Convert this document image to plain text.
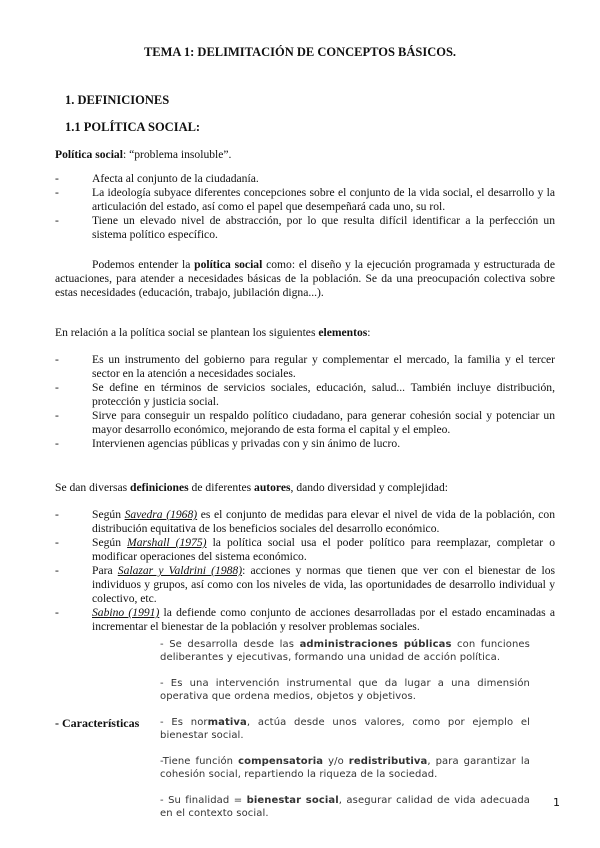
TEMA 1: DELIMITACIÓN DE CONCEPTOS BÁSICOS.
1. DEFINICIONES
1.1 POLÍTICA SOCIAL:
Política social: “problema insoluble”.
- Afecta al conjunto de la ciudadanía.
- La ideología subyace diferentes concepciones sobre el conjunto de la vida social, el desarrollo y la articulación del estado, así como el papel que desempeñará cada uno, su rol.
- Tiene un elevado nivel de abstracción, por lo que resulta difícil identificar a la perfección un sistema político específico.
Podemos entender la política social como: el diseño y la ejecución programada y estructurada de actuaciones, para atender a necesidades básicas de la población. Se da una preocupación colectiva sobre estas necesidades (educación, trabajo, jubilación digna...).
En relación a la política social se plantean los siguientes elementos:
- Es un instrumento del gobierno para regular y complementar el mercado, la familia y el tercer sector en la atención a necesidades sociales.
- Se define en términos de servicios sociales, educación, salud... También incluye distribución, protección y justicia social.
- Sirve para conseguir un respaldo político ciudadano, para generar cohesión social y potenciar un mayor desarrollo económico, mejorando de esta forma el capital y el empleo.
- Intervienen agencias públicas y privadas con y sin ánimo de lucro.
Se dan diversas definiciones de diferentes autores, dando diversidad y complejidad:
- Según Savedra (1968) es el conjunto de medidas para elevar el nivel de vida de la población, con distribución equitativa de los beneficios sociales del desarrollo económico.
- Según Marshall (1975) la política social usa el poder político para reemplazar, completar o modificar operaciones del sistema económico.
- Para Salazar y Valdrini (1988): acciones y normas que tienen que ver con el bienestar de los individuos y grupos, así como con los niveles de vida, las oportunidades de desarrollo individual y colectivo, etc.
- Sabino (1991) la defiende como conjunto de acciones desarrolladas por el estado encaminadas a incrementar el bienestar de la población y resolver problemas sociales.
- Características

- Se desarrolla desde las administraciones públicas con funciones deliberantes y ejecutivas, formando una unidad de acción política.

- Es una intervención instrumental que da lugar a una dimensión operativa que ordena medios, objetos y objetivos.

- Es normativa, actúa desde unos valores, como por ejemplo el bienestar social.

-Tiene función compensatoria y/o redistributiva, para garantizar la cohesión social, repartiendo la riqueza de la sociedad.

- Su finalidad = bienestar social, asegurar calidad de vida adecuada en el contexto social.

1
